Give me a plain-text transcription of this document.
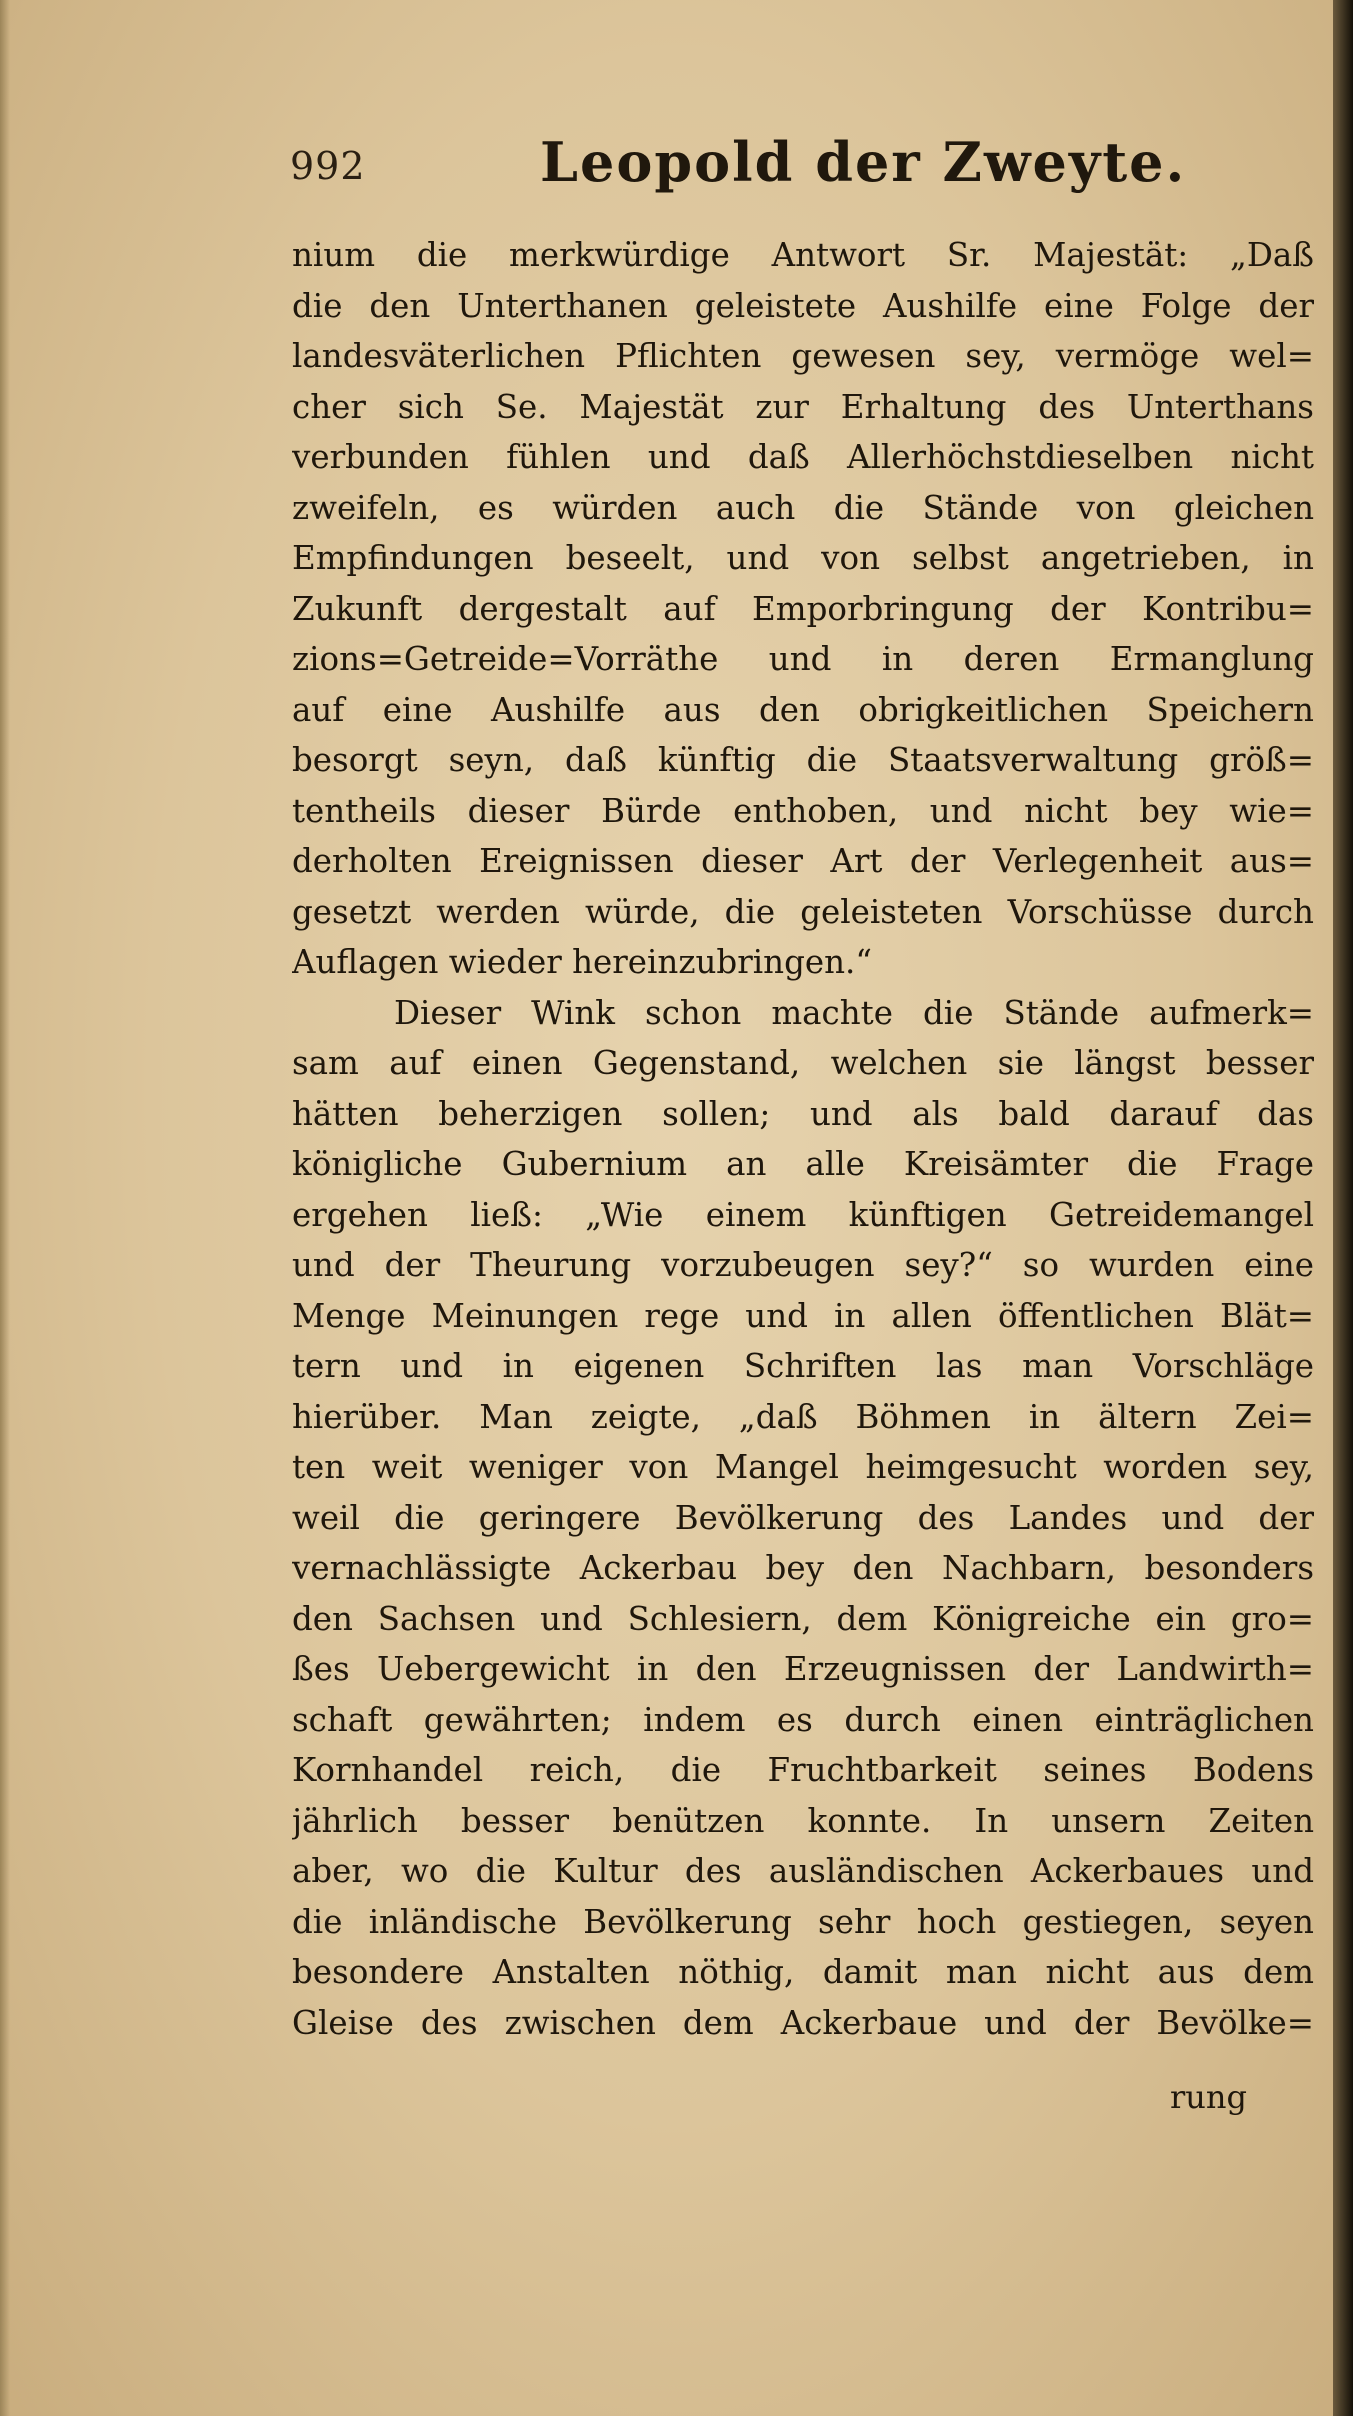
992	Leopold der Zweyte.
nium die merkwürdige Antwort Sr. Majestät: „Daß
die den Unterthanen geleistete Aushilfe eine Folge der
landesväterlichen Pflichten gewesen sey, vermöge wel=
cher sich Se. Majestät zur Erhaltung des Unterthans
verbunden fühlen und daß Allerhöchstdieselben nicht
zweifeln, es würden auch die Stände von gleichen
Empfindungen beseelt, und von selbst angetrieben, in
Zukunft dergestalt auf Emporbringung der Kontribu=
zions=Getreide=Vorräthe und in deren Ermanglung
auf eine Aushilfe aus den obrigkeitlichen Speichern
besorgt seyn, daß künftig die Staatsverwaltung größ=
tentheils dieser Bürde enthoben, und nicht bey wie=
derholten Ereignissen dieser Art der Verlegenheit aus=
gesetzt werden würde, die geleisteten Vorschüsse durch
Auflagen wieder hereinzubringen.“
Dieser Wink schon machte die Stände aufmerk=
sam auf einen Gegenstand, welchen sie längst besser
hätten beherzigen sollen; und als bald darauf das
königliche Gubernium an alle Kreisämter die Frage
ergehen ließ: „Wie einem künftigen Getreidemangel
und der Theurung vorzubeugen sey?“ so wurden eine
Menge Meinungen rege und in allen öffentlichen Blät=
tern und in eigenen Schriften las man Vorschläge
hierüber. Man zeigte, „daß Böhmen in ältern Zei=
ten weit weniger von Mangel heimgesucht worden sey,
weil die geringere Bevölkerung des Landes und der
vernachlässigte Ackerbau bey den Nachbarn, besonders
den Sachsen und Schlesiern, dem Königreiche ein gro=
ßes Uebergewicht in den Erzeugnissen der Landwirth=
schaft gewährten; indem es durch einen einträglichen
Kornhandel reich, die Fruchtbarkeit seines Bodens
jährlich besser benützen konnte. In unsern Zeiten
aber, wo die Kultur des ausländischen Ackerbaues und
die inländische Bevölkerung sehr hoch gestiegen, seyen
besondere Anstalten nöthig, damit man nicht aus dem
Gleise des zwischen dem Ackerbaue und der Bevölke=
rung
